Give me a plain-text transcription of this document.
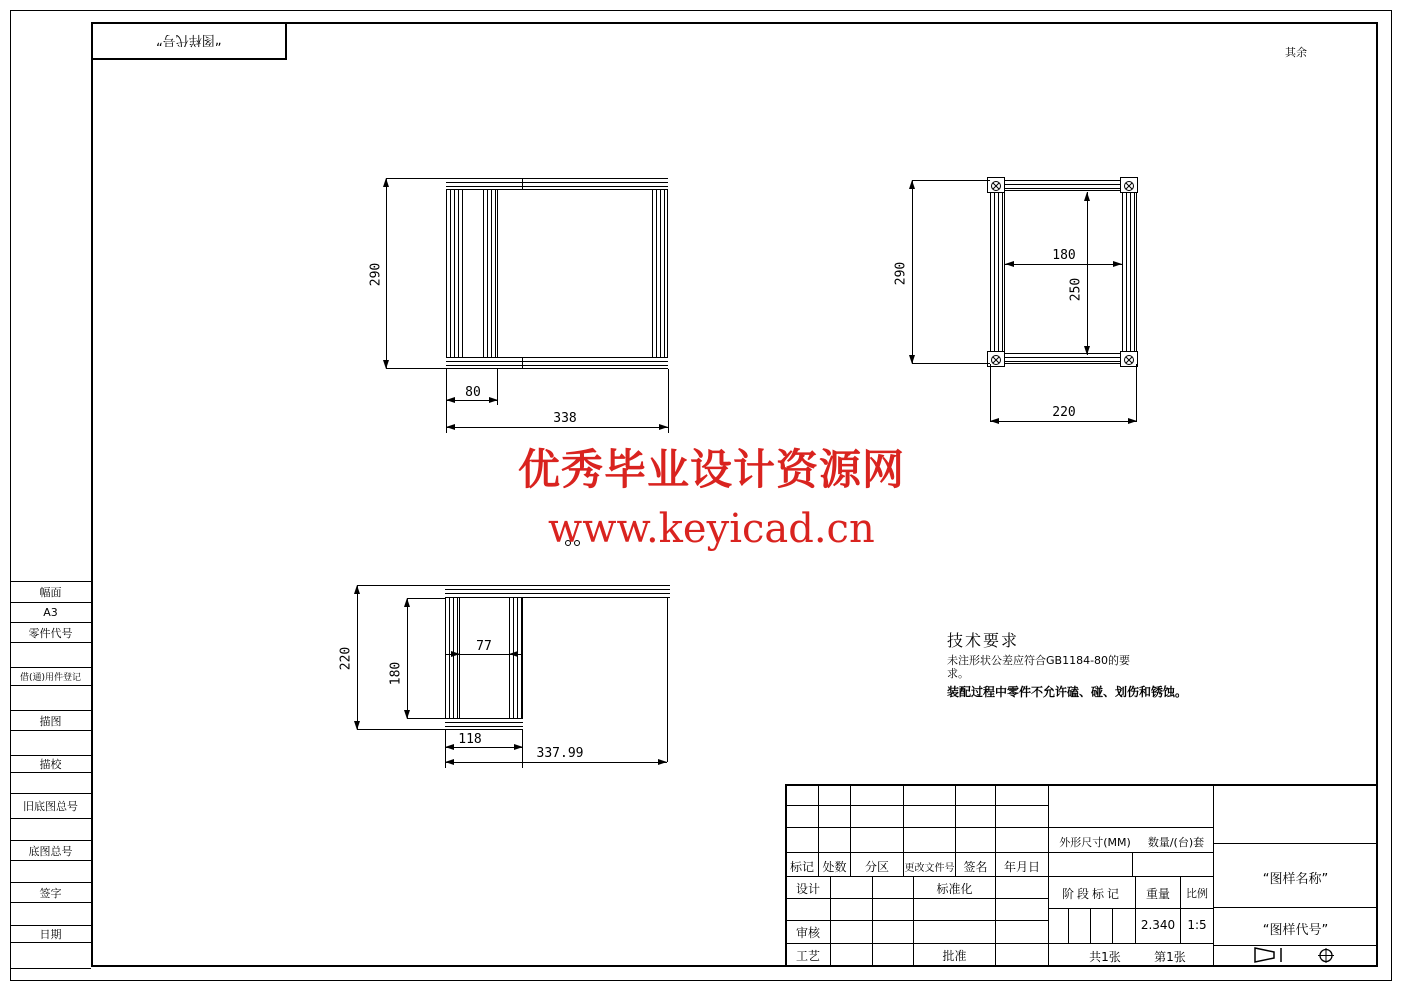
“图样代号”
其余
幅面
A3
零件代号
借(通)用件登记
描图
描校
旧底图总号
底图总号
签字
日期
290
80
338
290
180
250
220
220
180
77
118
337.99
优秀毕业设计资源网
www.keyicad.cn
技术要求
未注形状公差应符合GB1184-80的要
求。
装配过程中零件不允许磕、碰、划伤和锈蚀。
标记 处数	分区	更改文件号 签名	年月日
设计	标准化
审核
工艺	批准
外形尺寸(MM)	数量/(台)套
阶段标记	重量	比例
2.340	1:5
共1张	第1张
“图样名称”
“图样代号”
